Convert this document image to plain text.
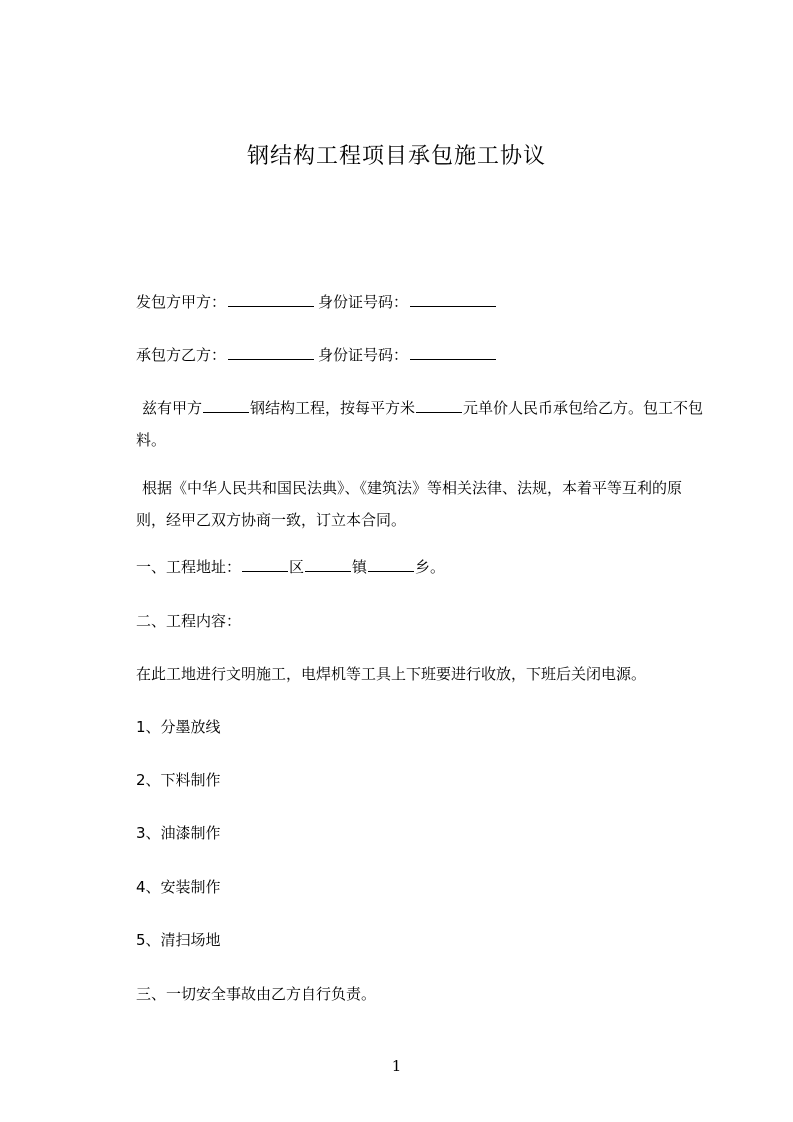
钢结构工程项目承包施工协议
发包方甲方：	身份证号码：
承包方乙方：	身份证号码：
兹有甲方	钢结构工程，按每平方米	元单价人民币承包给乙方。包工不包料。
根据《中华人民共和国民法典》、《建筑法》等相关法律、法规，本着平等互利的原则，经甲乙双方协商一致，订立本合同。
一、工程地址：	区	镇	乡。
二、工程内容：
在此工地进行文明施工，电焊机等工具上下班要进行收放，下班后关闭电源。
1、分墨放线
2、下料制作
3、油漆制作
4、安装制作
5、清扫场地
三、一切安全事故由乙方自行负责。
1
